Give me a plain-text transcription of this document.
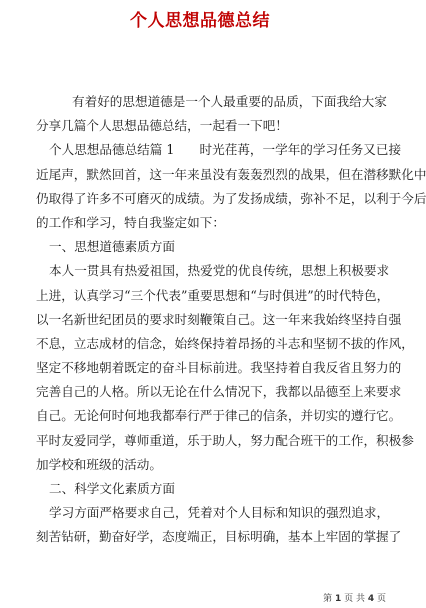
个人思想品德总结
有着好的思想道德是一个人最重要的品质，下面我给大家
分享几篇个人思想品德总结，一起看一下吧！
个人思想品德总结篇 1　　时光荏苒，一学年的学习任务又已接
近尾声，默然回首，这一年来虽没有轰轰烈烈的战果，但在潜移默化中
仍取得了许多不可磨灭的成绩。为了发扬成绩，弥补不足，以利于今后
的工作和学习，特自我鉴定如下：
一、思想道德素质方面
本人一贯具有热爱祖国，热爱党的优良传统，思想上积极要求
上进，认真学习“三个代表”重要思想和“与时俱进”的时代特色，
以一名新世纪团员的要求时刻鞭策自己。这一年来我始终坚持自强
不息，立志成材的信念，始终保持着昂扬的斗志和坚韧不拔的作风，
坚定不移地朝着既定的奋斗目标前进。我坚持着自我反省且努力的
完善自己的人格。所以无论在什么情况下，我都以品德至上来要求
自己。无论何时何地我都奉行严于律己的信条，并切实的遵行它。
平时友爱同学，尊师重道，乐于助人，努力配合班干的工作，积极参
加学校和班级的活动。
二、科学文化素质方面
学习方面严格要求自己，凭着对个人目标和知识的强烈追求，
刻苦钻研，勤奋好学，态度端正，目标明确，基本上牢固的掌握了
第 1 页 共 4 页
